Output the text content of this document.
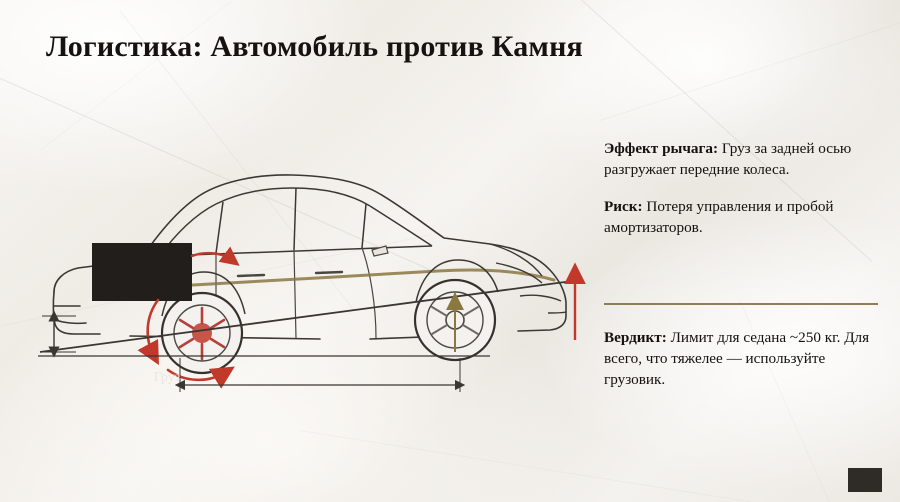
Логистика: Автомобиль против Камня
Груз

Эффект рычага: Груз за задней осью разгружает передние колеса.

Риск: Потеря управления и пробой амортизаторов.

Вердикт: Лимит для седана ~250 кг. Для всего, что тяжелее — используйте грузовик.
